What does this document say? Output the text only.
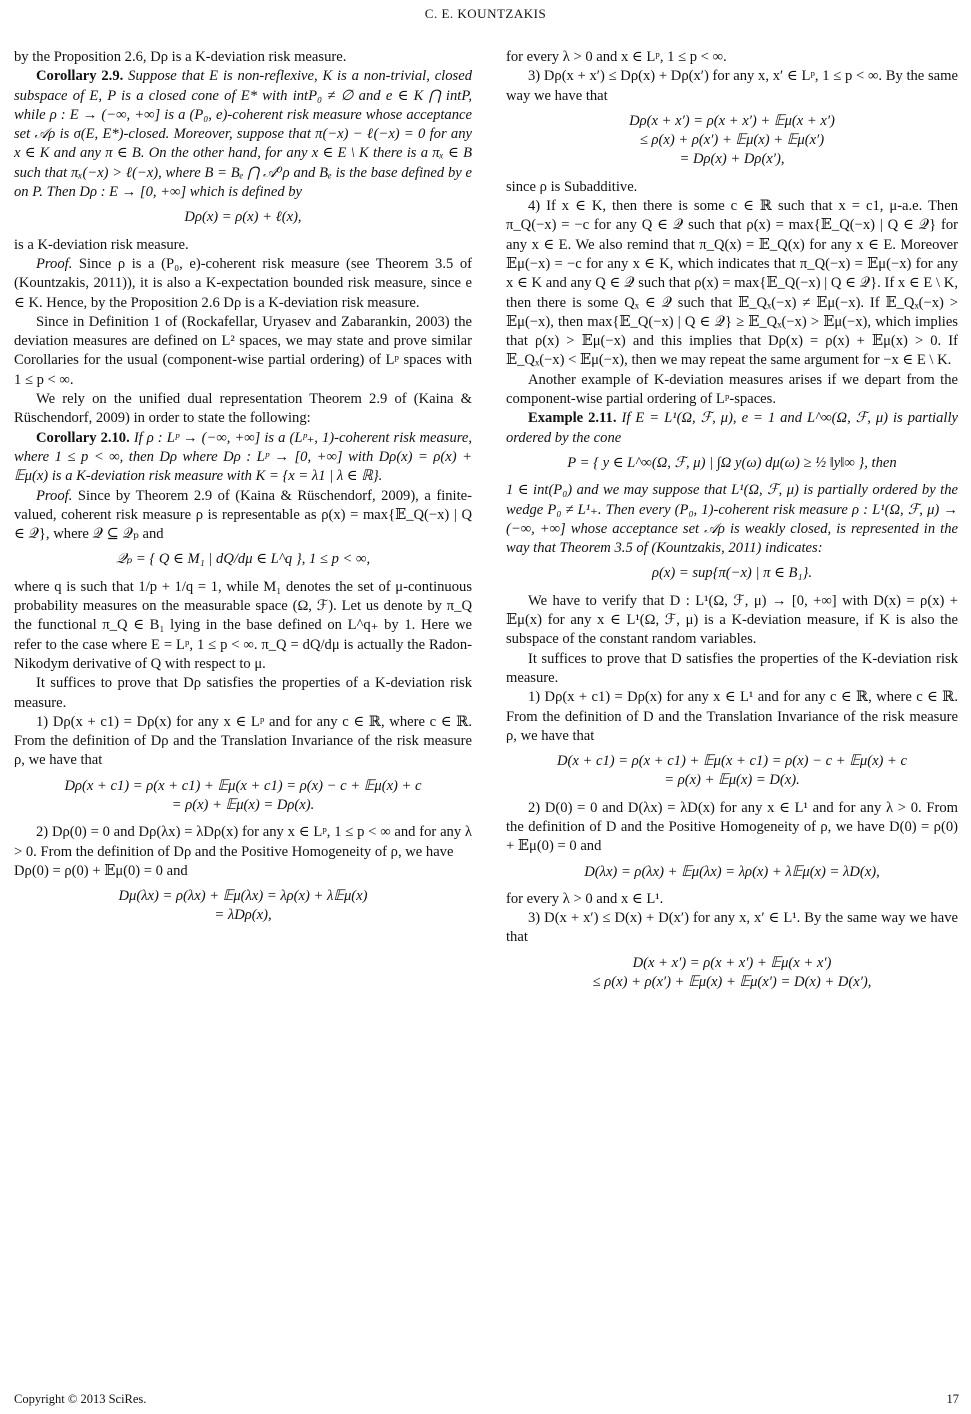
C. E. KOUNTZAKIS

by the Proposition 2.6, Dρ is a K-deviation risk measure.

Corollary 2.9. Suppose that E is non-reflexive, K is a non-trivial, closed subspace of E, P is a closed cone of E* with intP₀ ≠ ∅ and e ∈ K ⋂ intP, while ρ : E → (−∞, +∞] is a (P₀, e)-coherent risk measure whose acceptance set 𝒜ρ is σ(E, E*)-closed. Moreover, suppose that π(−x) − ℓ(−x) = 0 for any x ∈ K and any π ∈ B. On the other hand, for any x ∈ E \ K there is a πₓ ∈ B such that πₓ(−x) > ℓ(−x), where B = Bₑ ⋂ 𝒜⁰ρ and Bₑ is the base defined by e on P. Then Dρ : E → [0, +∞] which is defined by

Dρ(x) = ρ(x) + ℓ(x),

is a K-deviation risk measure.

Proof. Since ρ is a (P₀, e)-coherent risk measure (see Theorem 3.5 of (Kountzakis, 2011)), it is also a K-expectation bounded risk measure, since e ∈ K. Hence, by the Proposition 2.6 Dρ is a K-deviation risk measure.

Since in Definition 1 of (Rockafellar, Uryasev and Zabarankin, 2003) the deviation measures are defined on L² spaces, we may state and prove similar Corollaries for the usual (component-wise partial ordering) of Lᵖ spaces with 1 ≤ p < ∞.

We rely on the unified dual representation Theorem 2.9 of (Kaina & Rüschendorf, 2009) in order to state the following:

Corollary 2.10. If ρ : Lᵖ → (−∞, +∞] is a (Lᵖ₊, 1)-coherent risk measure, where 1 ≤ p < ∞, then Dρ where Dρ : Lᵖ → [0, +∞] with Dρ(x) = ρ(x) + 𝔼μ(x) is a K-deviation risk measure with K = {x = λ1 | λ ∈ ℝ}.

Proof. Since by Theorem 2.9 of (Kaina & Rüschendorf, 2009), a finite-valued, coherent risk measure ρ is representable as ρ(x) = max{𝔼_Q(−x) | Q ∈ 𝒬}, where 𝒬 ⊆ 𝒬ₚ and

𝒬ₚ = { Q ∈ M₁ | dQ/dμ ∈ L^q }, 1 ≤ p < ∞,

where q is such that 1/p + 1/q = 1, while M₁ denotes the set of μ-continuous probability measures on the measurable space (Ω, ℱ). Let us denote by π_Q the functional π_Q ∈ B₁ lying in the base defined on L^q₊ by 1. Here we refer to the case where E = Lᵖ, 1 ≤ p < ∞. π_Q = dQ/dμ is actually the Radon-Nikodym derivative of Q with respect to μ.

It suffices to prove that Dρ satisfies the properties of a K-deviation risk measure.

1) Dρ(x + c1) = Dρ(x) for any x ∈ Lᵖ and for any c ∈ ℝ, where c ∈ ℝ. From the definition of Dρ and the Translation Invariance of the risk measure ρ, we have that

Dρ(x + c1) = ρ(x + c1) + 𝔼μ(x + c1) = ρ(x) − c + 𝔼μ(x) + c
= ρ(x) + 𝔼μ(x) = Dρ(x).

2) Dρ(0) = 0 and Dρ(λx) = λDρ(x) for any x ∈ Lᵖ, 1 ≤ p < ∞ and for any λ > 0. From the definition of Dρ and the Positive Homogeneity of ρ, we have

Dρ(0) = ρ(0) + 𝔼μ(0) = 0 and

Dμ(λx) = ρ(λx) + 𝔼μ(λx) = λρ(x) + λ𝔼μ(x)
= λDρ(x),

for every λ > 0 and x ∈ Lᵖ, 1 ≤ p < ∞.

3) Dρ(x + x′) ≤ Dρ(x) + Dρ(x′) for any x, x′ ∈ Lᵖ, 1 ≤ p < ∞. By the same way we have that

Dρ(x + x′) = ρ(x + x′) + 𝔼μ(x + x′)
≤ ρ(x) + ρ(x′) + 𝔼μ(x) + 𝔼μ(x′)
= Dρ(x) + Dρ(x′),

since ρ is Subadditive.

4) If x ∈ K, then there is some c ∈ ℝ such that x = c1, μ-a.e. Then π_Q(−x) = −c for any Q ∈ 𝒬 such that ρ(x) = max{𝔼_Q(−x) | Q ∈ 𝒬} for any x ∈ E. We also remind that π_Q(x) = 𝔼_Q(x) for any x ∈ E. Moreover 𝔼μ(−x) = −c for any x ∈ K, which indicates that π_Q(−x) = 𝔼μ(−x) for any x ∈ K and any Q ∈ 𝒬 such that ρ(x) = max{𝔼_Q(−x) | Q ∈ 𝒬}. If x ∈ E \ K, then there is some Qₓ ∈ 𝒬 such that 𝔼_Qₓ(−x) ≠ 𝔼μ(−x). If 𝔼_Qₓ(−x) > 𝔼μ(−x), then max{𝔼_Q(−x) | Q ∈ 𝒬} ≥ 𝔼_Qₓ(−x) > 𝔼μ(−x), which implies that ρ(x) > 𝔼μ(−x) and this implies that Dρ(x) = ρ(x) + 𝔼μ(x) > 0. If 𝔼_Qₓ(−x) < 𝔼μ(−x), then we may repeat the same argument for −x ∈ E \ K.

Another example of K-deviation measures arises if we depart from the component-wise partial ordering of Lᵖ-spaces.

Example 2.11. If E = L¹(Ω, ℱ, μ), e = 1 and L^∞(Ω, ℱ, μ) is partially ordered by the cone

P = { y ∈ L^∞(Ω, ℱ, μ) | ∫Ω y(ω) dμ(ω) ≥ ½ ‖y‖∞ }, then

1 ∈ int(P₀) and we may suppose that L¹(Ω, ℱ, μ) is partially ordered by the wedge P₀ ≠ L¹₊. Then every (P₀, 1)-coherent risk measure ρ : L¹(Ω, ℱ, μ) → (−∞, +∞] whose acceptance set 𝒜ρ is weakly closed, is represented in the way that Theorem 3.5 of (Kountzakis, 2011) indicates:

ρ(x) = sup{π(−x) | π ∈ B₁}.

We have to verify that D : L¹(Ω, ℱ, μ) → [0, +∞] with D(x) = ρ(x) + 𝔼μ(x) for any x ∈ L¹(Ω, ℱ, μ) is a K-deviation measure, if K is also the subspace of the constant random variables.

It suffices to prove that D satisfies the properties of the K-deviation risk measure.

1) Dρ(x + c1) = Dρ(x) for any x ∈ L¹ and for any c ∈ ℝ, where c ∈ ℝ. From the definition of D and the Translation Invariance of the risk measure ρ, we have that

D(x + c1) = ρ(x + c1) + 𝔼μ(x + c1) = ρ(x) − c + 𝔼μ(x) + c
= ρ(x) + 𝔼μ(x) = D(x).

2) D(0) = 0 and D(λx) = λD(x) for any x ∈ L¹ and for any λ > 0. From the definition of D and the Positive Homogeneity of ρ, we have D(0) = ρ(0) + 𝔼μ(0) = 0 and

D(λx) = ρ(λx) + 𝔼μ(λx) = λρ(x) + λ𝔼μ(x) = λD(x),

for every λ > 0 and x ∈ L¹.

3) D(x + x′) ≤ D(x) + D(x′) for any x, x′ ∈ L¹. By the same way we have that

D(x + x′) = ρ(x + x′) + 𝔼μ(x + x′)
≤ ρ(x) + ρ(x′) + 𝔼μ(x) + 𝔼μ(x′) = D(x) + D(x′),
Copyright © 2013 SciRes.	17
